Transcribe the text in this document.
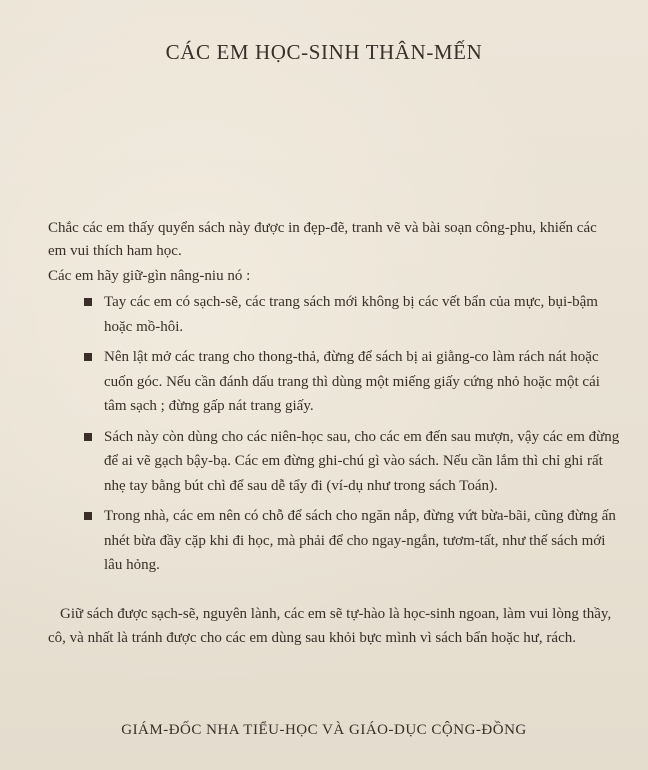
CÁC EM HỌC-SINH THÂN-MẾN
Chắc các em thấy quyển sách này được in đẹp-đẽ, tranh vẽ và bài soạn công-phu, khiến các em vui thích ham học.
Các em hãy giữ-gìn nâng-niu nó :
Tay các em có sạch-sẽ, các trang sách mới không bị các vết bẩn của mực, bụi-bậm hoặc mồ-hôi.
Nên lật mở các trang cho thong-thả, đừng để sách bị ai giằng-co làm rách nát hoặc cuốn góc. Nếu cần đánh dấu trang thì dùng một miếng giấy cứng nhỏ hoặc một cái tâm sạch ; đừng gấp nát trang giấy.
Sách này còn dùng cho các niên-học sau, cho các em đến sau mượn, vậy các em đừng để ai vẽ gạch bậy-bạ. Các em đừng ghi-chú gì vào sách. Nếu cần lắm thì chỉ ghi rất nhẹ tay bằng bút chì để sau dễ tẩy đi (ví-dụ như trong sách Toán).
Trong nhà, các em nên có chỗ để sách cho ngăn nắp, đừng vứt bừa-bãi, cũng đừng ấn nhét bừa đầy cặp khi đi học, mà phải để cho ngay-ngắn, tươm-tất, như thế sách mới lâu hỏng.
Giữ sách được sạch-sẽ, nguyên lành, các em sẽ tự-hào là học-sinh ngoan, làm vui lòng thầy, cô, và nhất là tránh được cho các em dùng sau khỏi bực mình vì sách bẩn hoặc hư, rách.
GIÁM-ĐỐC NHA TIỂU-HỌC VÀ GIÁO-DỤC CỘNG-ĐỒNG
